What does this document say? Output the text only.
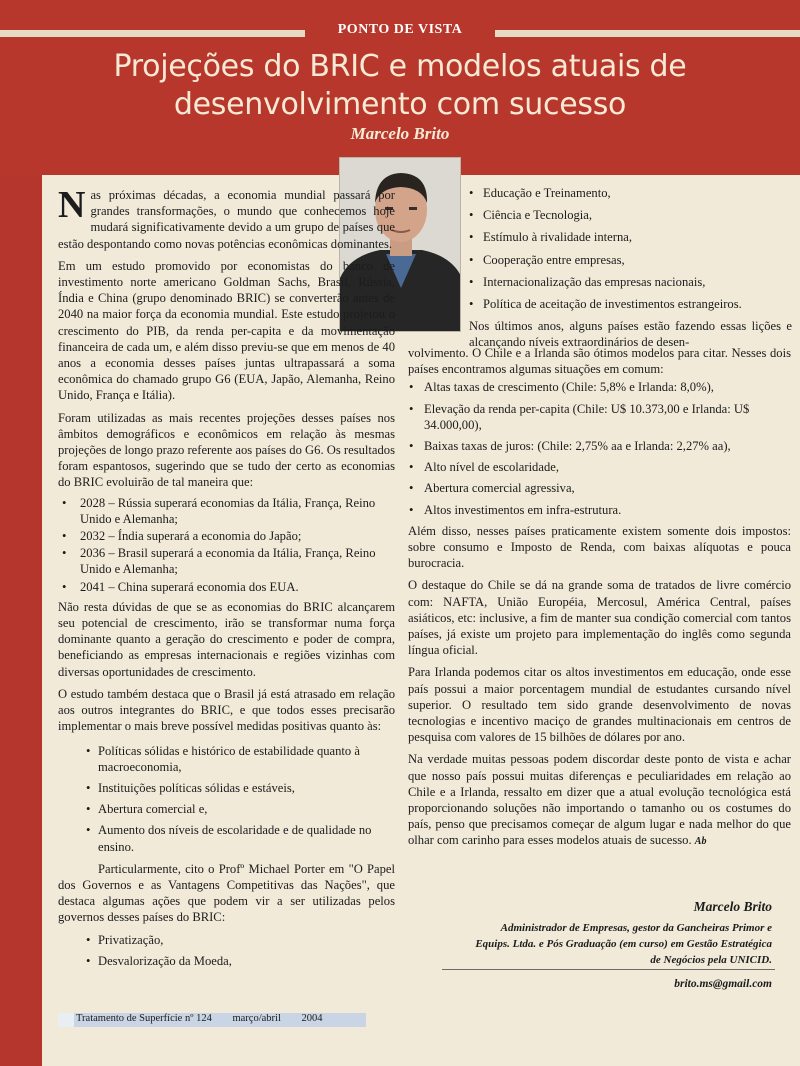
PONTO DE VISTA
Projeções do BRIC e modelos atuais de
desenvolvimento com sucesso
Marcelo Brito

Nas próximas décadas, a economia mundial passará por grandes transformações, o mundo que conhecemos hoje mudará significativamente devido a um grupo de países que estão despontando como novas potências econômicas dominantes.

Em um estudo promovido por economistas do banco de investimento norte americano Goldman Sachs, Brasil, Rússia, Índia e China (grupo denominado BRIC) se converterão antes de 2040 na maior força da economia mundial. Este estudo projetou o crescimento do PIB, da renda per-capita e da movimentação financeira de cada um, e além disso previu-se que em menos de 40 anos a economia desses países juntas ultrapassará a soma econômica do chamado grupo G6 (EUA, Japão, Alemanha, Reino Unido, França e Itália).

Foram utilizadas as mais recentes projeções desses países nos âmbitos demográficos e econômicos em relação às mesmas projeções de longo prazo referente aos países do G6. Os resultados foram espantosos, sugerindo que se tudo der certo as economias do BRIC evoluirão de tal maneira que:

• 2028 – Rússia superará economias da Itália, França, Reino Unido e Alemanha;
• 2032 – Índia superará a economia do Japão;
• 2036 – Brasil superará a economia da Itália, França, Reino Unido e Alemanha;
• 2041 – China superará economia dos EUA.

Não resta dúvidas de que se as economias do BRIC alcançarem seu potencial de crescimento, irão se transformar numa força dominante quanto a geração do crescimento e poder de compra, beneficiando as empresas internacionais e regiões vizinhas com diversas oportunidades de crescimento.

O estudo também destaca que o Brasil já está atrasado em relação aos outros integrantes do BRIC, e que todos esses precisarão implementar o mais breve possível medidas positivas quanto às:

• Políticas sólidas e histórico de estabilidade quanto à macroeconomia,
• Instituições políticas sólidas e estáveis,
• Abertura comercial e,
• Aumento dos níveis de escolaridade e de qualidade no ensino.

Particularmente, cito o Profº Michael Porter em "O Papel dos Governos e as Vantagens Competitivas das Nações", que destaca algumas ações que podem vir a ser utilizadas pelos governos desses países do BRIC:

• Privatização,
• Desvalorização da Moeda,
• Educação e Treinamento,
• Ciência e Tecnologia,
• Estímulo à rivalidade interna,
• Cooperação entre empresas,
• Internacionalização das empresas nacionais,
• Política de aceitação de investimentos estrangeiros.

Nos últimos anos, alguns países estão fazendo essas lições e alcançando níveis extraordinários de desen-

volvimento. O Chile e a Irlanda são ótimos modelos para citar. Nesses dois países encontramos algumas situações em comum:

• Altas taxas de crescimento (Chile: 5,8% e Irlanda: 8,0%),
• Elevação da renda per-capita (Chile: U$ 10.373,00 e Irlanda: U$ 34.000,00),
• Baixas taxas de juros: (Chile: 2,75% aa e Irlanda: 2,27% aa),
• Alto nível de escolaridade,
• Abertura comercial agressiva,
• Altos investimentos em infra-estrutura.

Além disso, nesses países praticamente existem somente dois impostos: sobre consumo e Imposto de Renda, com baixas alíquotas e pouca burocracia.

O destaque do Chile se dá na grande soma de tratados de livre comércio com: NAFTA, União Européia, Mercosul, América Central, países asiáticos, etc: inclusive, a fim de manter sua condição comercial com tantos países, já existe um projeto para implementação do inglês como segunda língua oficial.

Para Irlanda podemos citar os altos investimentos em educação, onde esse país possui a maior porcentagem mundial de estudantes cursando nível superior. O resultado tem sido grande desenvolvimento de novas tecnologias e incentivo maciço de grandes multinacionais em centros de pesquisa com valores de 15 bilhões de dólares por ano.

Na verdade muitas pessoas podem discordar deste ponto de vista e achar que nosso país possui muitas diferenças e peculiaridades em relação ao Chile e a Irlanda, ressalto em dizer que a atual evolução tecnológica está proporcionando soluções não importando o tamanho ou os costumes do país, penso que precisamos começar de algum lugar e nada melhor do que olhar com carinho para esses modelos atuais de sucesso. Ab

Marcelo Brito
Administrador de Empresas, gestor da Gancheiras Primor e
Equips. Ltda. e Pós Graduação (em curso) em Gestão Estratégica
de Negócios pela UNICID.
brito.ms@gmail.com
Tratamento de Superfície nº 124 março/abril 2004
